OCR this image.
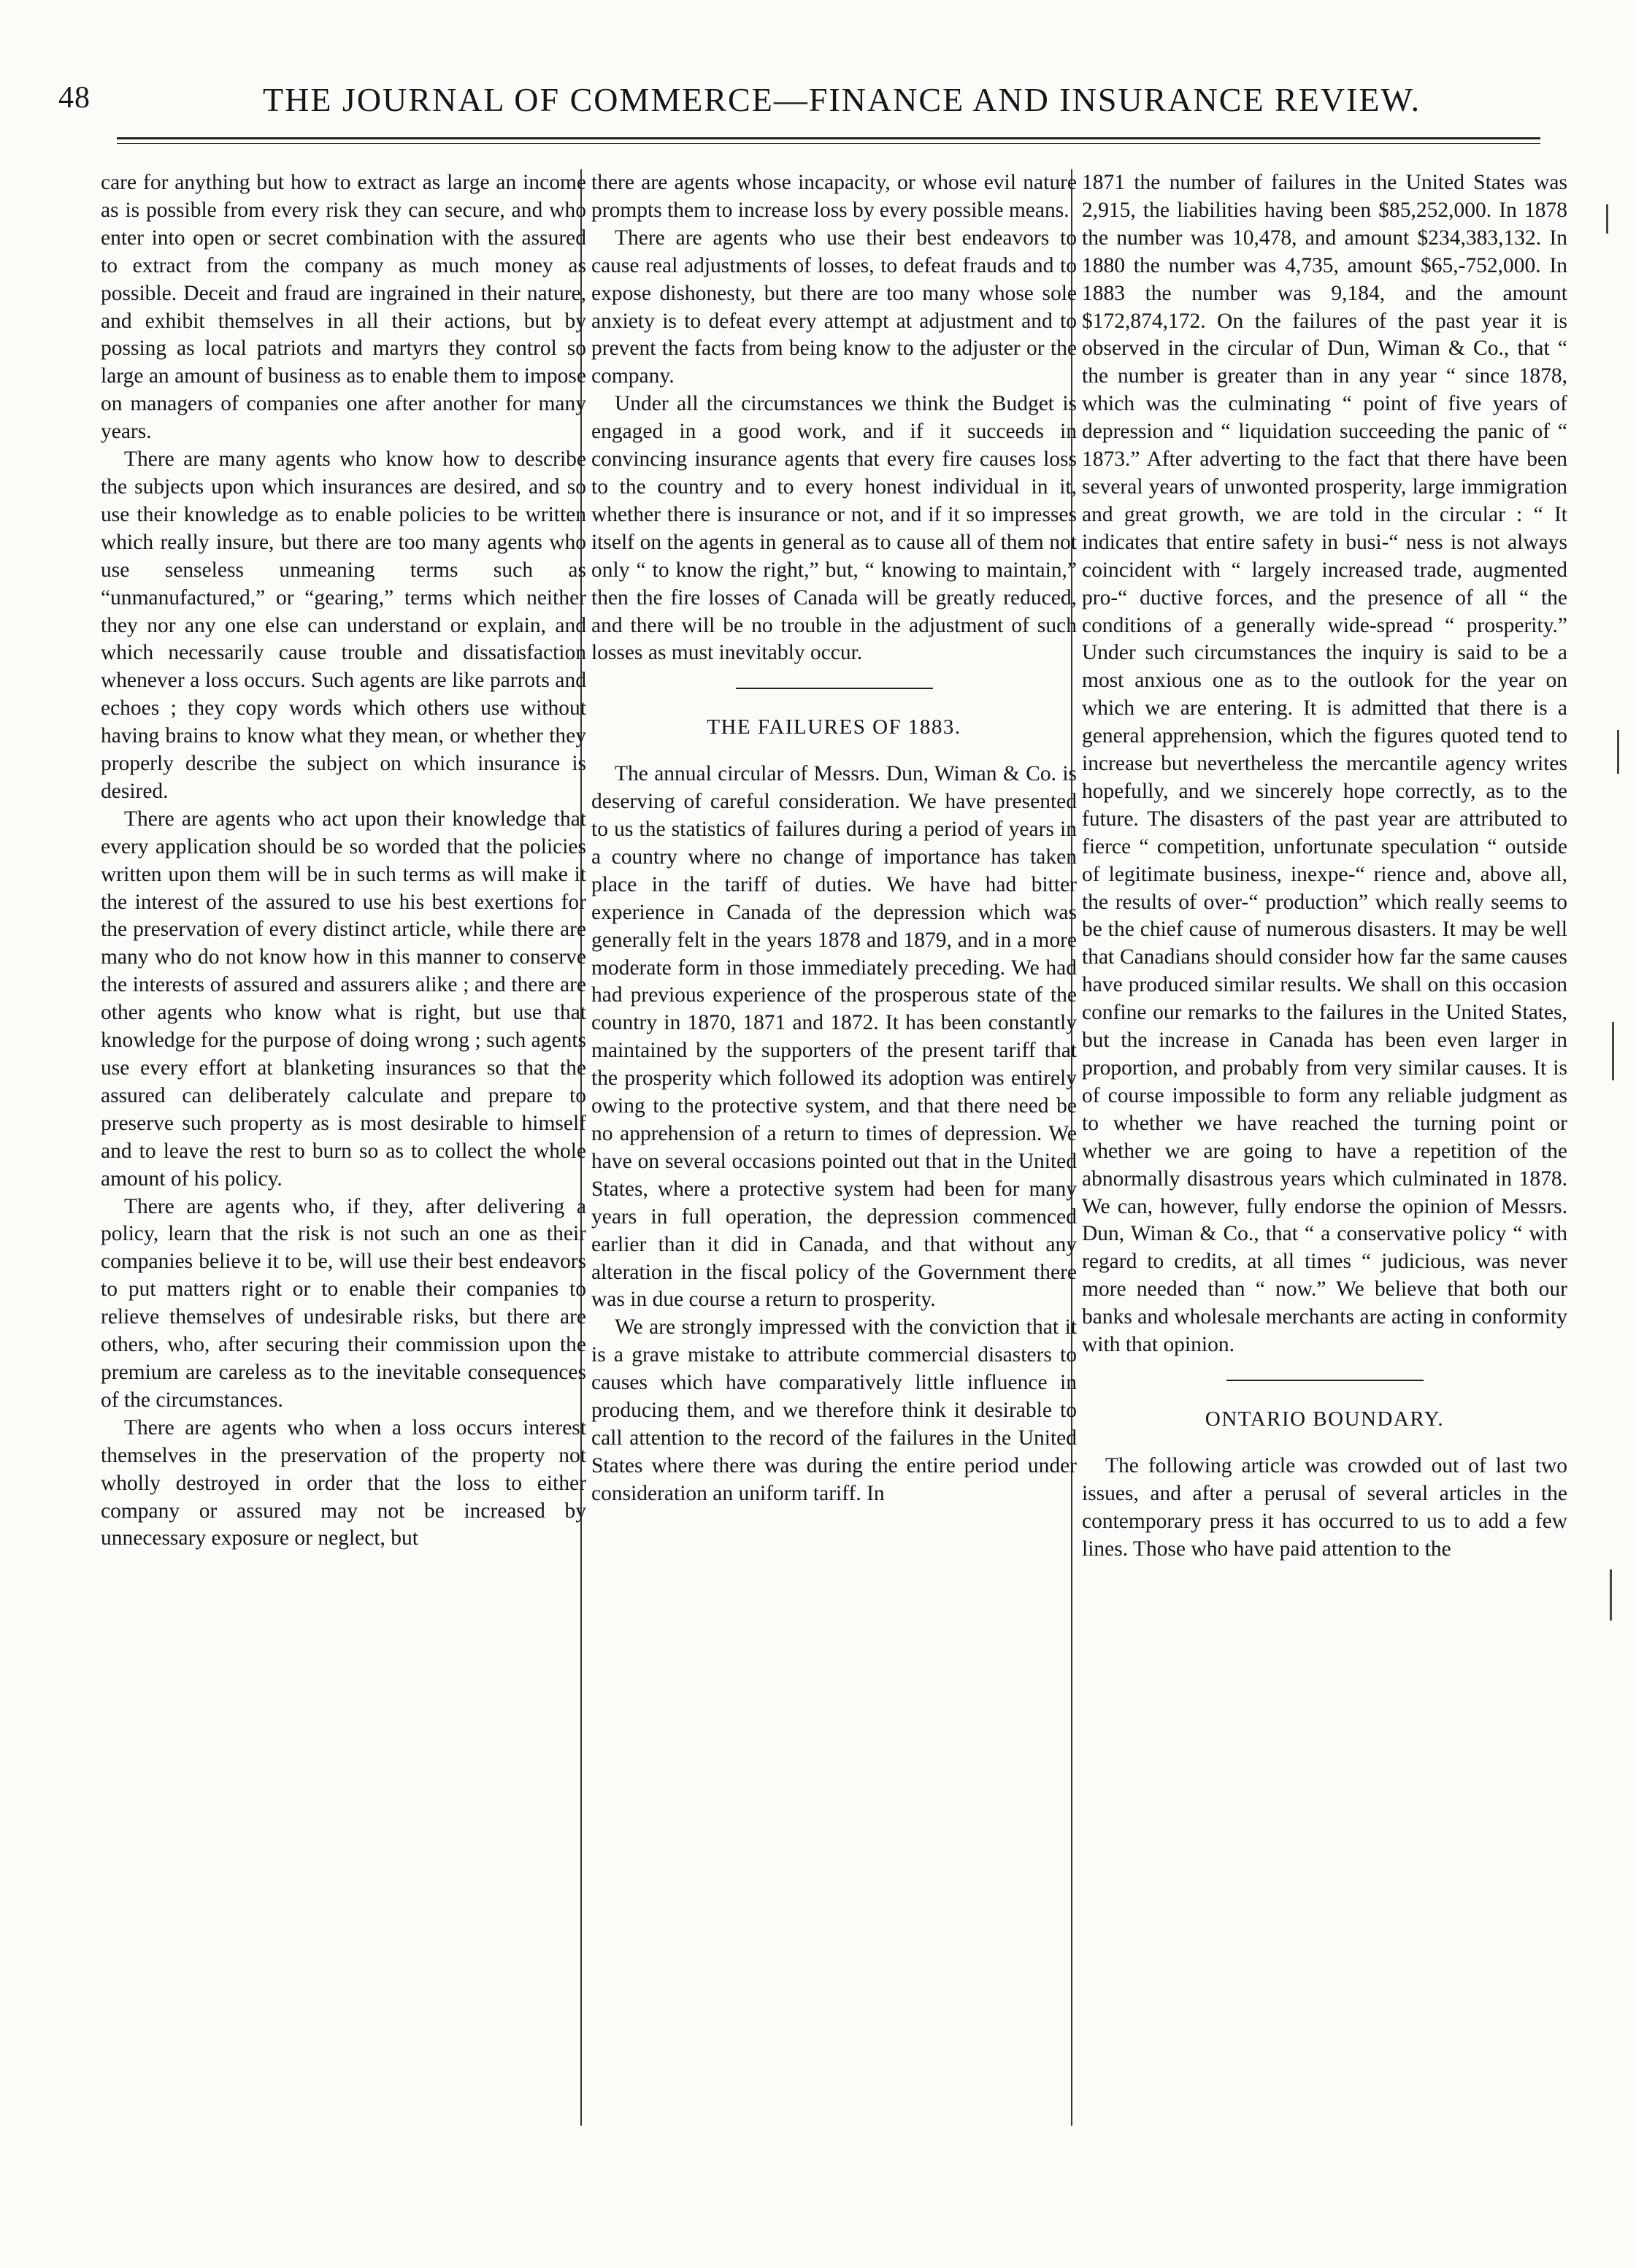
48	THE JOURNAL OF COMMERCE—FINANCE AND INSURANCE REVIEW.

care for anything but how to extract as large an income as is possible from every risk they can secure, and who enter into open or secret combination with the assured to extract from the company as much money as possible. Deceit and fraud are ingrained in their nature, and exhibit themselves in all their actions, but by possing as local patriots and martyrs they control so large an amount of business as to enable them to impose on managers of companies one after another for many years.

There are many agents who know how to describe the subjects upon which insurances are desired, and so use their knowledge as to enable policies to be written which really insure, but there are too many agents who use senseless unmeaning terms such as “unmanufactured,” or “gearing,” terms which neither they nor any one else can understand or explain, and which necessarily cause trouble and dissatisfaction whenever a loss occurs. Such agents are like parrots and echoes ; they copy words which others use without having brains to know what they mean, or whether they properly describe the subject on which insurance is desired.

There are agents who act upon their knowledge that every application should be so worded that the policies written upon them will be in such terms as will make it the interest of the assured to use his best exertions for the preservation of every distinct article, while there are many who do not know how in this manner to conserve the interests of assured and assurers alike ; and there are other agents who know what is right, but use that knowledge for the purpose of doing wrong ; such agents use every effort at blanketing insurances so that the assured can deliberately calculate and prepare to preserve such property as is most desirable to himself and to leave the rest to burn so as to collect the whole amount of his policy.

There are agents who, if they, after delivering a policy, learn that the risk is not such an one as their companies believe it to be, will use their best endeavors to put matters right or to enable their companies to relieve themselves of undesirable risks, but there are others, who, after securing their commission upon the premium are careless as to the inevitable consequences of the circumstances.

There are agents who when a loss occurs interest themselves in the preservation of the property not wholly destroyed in order that the loss to either company or assured may not be increased by unnecessary exposure or neglect, but

there are agents whose incapacity, or whose evil nature prompts them to increase loss by every possible means.

There are agents who use their best endeavors to cause real adjustments of losses, to defeat frauds and to expose dishonesty, but there are too many whose sole anxiety is to defeat every attempt at adjustment and to prevent the facts from being know to the adjuster or the company.

Under all the circumstances we think the Budget is engaged in a good work, and if it succeeds in convincing insurance agents that every fire causes loss to the country and to every honest individual in it, whether there is insurance or not, and if it so impresses itself on the agents in general as to cause all of them not only “ to know the right,” but, “ knowing to maintain,” then the fire losses of Canada will be greatly reduced, and there will be no trouble in the adjustment of such losses as must inevitably occur.

THE FAILURES OF 1883.

The annual circular of Messrs. Dun, Wiman & Co. is deserving of careful consideration. We have presented to us the statistics of failures during a period of years in a country where no change of importance has taken place in the tariff of duties. We have had bitter experience in Canada of the depression which was generally felt in the years 1878 and 1879, and in a more moderate form in those immediately preceding. We had had previous experience of the prosperous state of the country in 1870, 1871 and 1872. It has been constantly maintained by the supporters of the present tariff that the prosperity which followed its adoption was entirely owing to the protective system, and that there need be no apprehension of a return to times of depression. We have on several occasions pointed out that in the United States, where a protective system had been for many years in full operation, the depression commenced earlier than it did in Canada, and that without any alteration in the fiscal policy of the Government there was in due course a return to prosperity.

We are strongly impressed with the conviction that it is a grave mistake to attribute commercial disasters to causes which have comparatively little influence in producing them, and we therefore think it desirable to call attention to the record of the failures in the United States where there was during the entire period under consideration an uniform tariff. In

1871 the number of failures in the United States was 2,915, the liabilities having been $85,252,000. In 1878 the number was 10,478, and amount $234,383,132. In 1880 the number was 4,735, amount $65,-752,000. In 1883 the number was 9,184, and the amount $172,874,172. On the failures of the past year it is observed in the circular of Dun, Wiman & Co., that “ the number is greater than in any year “ since 1878, which was the culminating “ point of five years of depression and “ liquidation succeeding the panic of “ 1873.” After adverting to the fact that there have been several years of unwonted prosperity, large immigration and great growth, we are told in the circular : “ It indicates that entire safety in busi-“ ness is not always coincident with “ largely increased trade, augmented pro-“ ductive forces, and the presence of all “ the conditions of a generally wide-spread “ prosperity.” Under such circumstances the inquiry is said to be a most anxious one as to the outlook for the year on which we are entering. It is admitted that there is a general apprehension, which the figures quoted tend to increase but nevertheless the mercantile agency writes hopefully, and we sincerely hope correctly, as to the future. The disasters of the past year are attributed to fierce “ competition, unfortunate speculation “ outside of legitimate business, inexpe-“ rience and, above all, the results of over-“ production” which really seems to be the chief cause of numerous disasters. It may be well that Canadians should consider how far the same causes have produced similar results. We shall on this occasion confine our remarks to the failures in the United States, but the increase in Canada has been even larger in proportion, and probably from very similar causes. It is of course impossible to form any reliable judgment as to whether we have reached the turning point or whether we are going to have a repetition of the abnormally disastrous years which culminated in 1878. We can, however, fully endorse the opinion of Messrs. Dun, Wiman & Co., that “ a conservative policy “ with regard to credits, at all times “ judicious, was never more needed than “ now.” We believe that both our banks and wholesale merchants are acting in conformity with that opinion.

ONTARIO BOUNDARY.

The following article was crowded out of last two issues, and after a perusal of several articles in the contemporary press it has occurred to us to add a few lines. Those who have paid attention to the
